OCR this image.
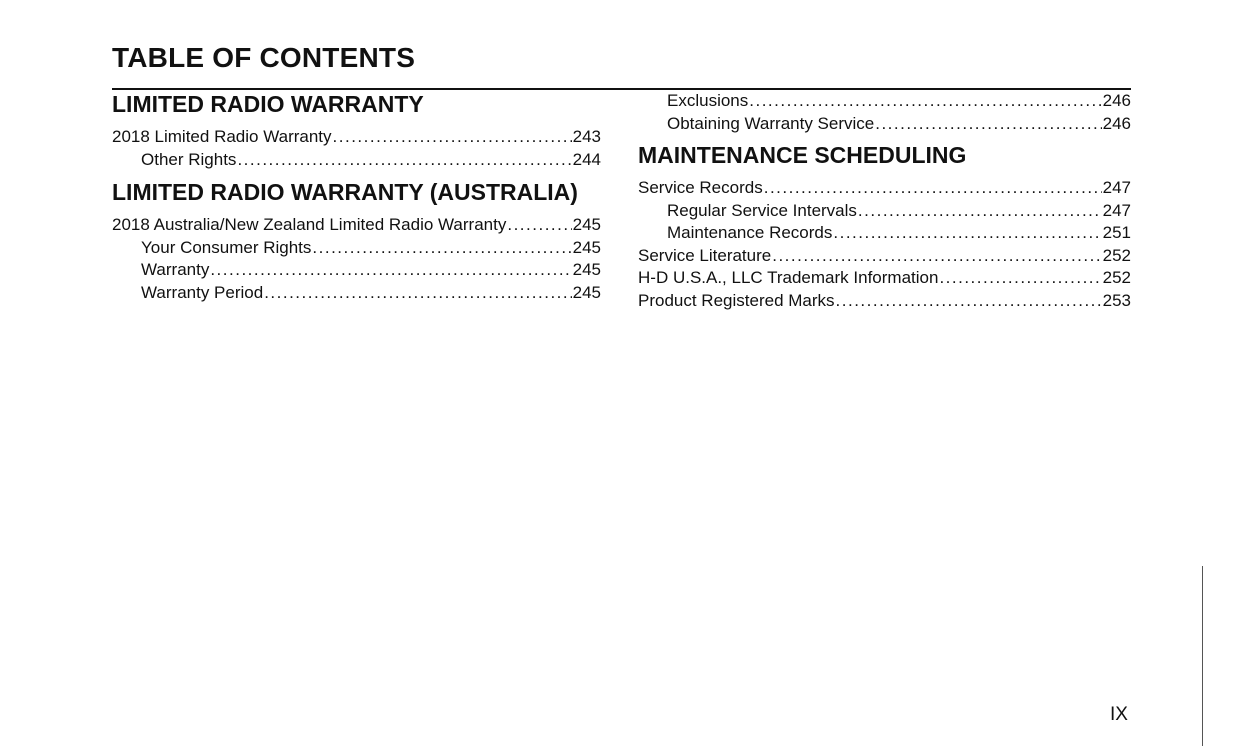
TABLE OF CONTENTS
LIMITED RADIO WARRANTY
2018 Limited Radio Warranty .....	243
Other Rights .....	244
LIMITED RADIO WARRANTY (AUSTRALIA)
2018 Australia/New Zealand Limited Radio Warranty .....	245
Your Consumer Rights .....	245
Warranty .....	245
Warranty Period .....	245
Exclusions .....	246
Obtaining Warranty Service .....	246
MAINTENANCE SCHEDULING
Service Records .....	247
Regular Service Intervals .....	247
Maintenance Records .....	251
Service Literature .....	252
H-D U.S.A., LLC Trademark Information .....	252
Product Registered Marks .....	253
IX
